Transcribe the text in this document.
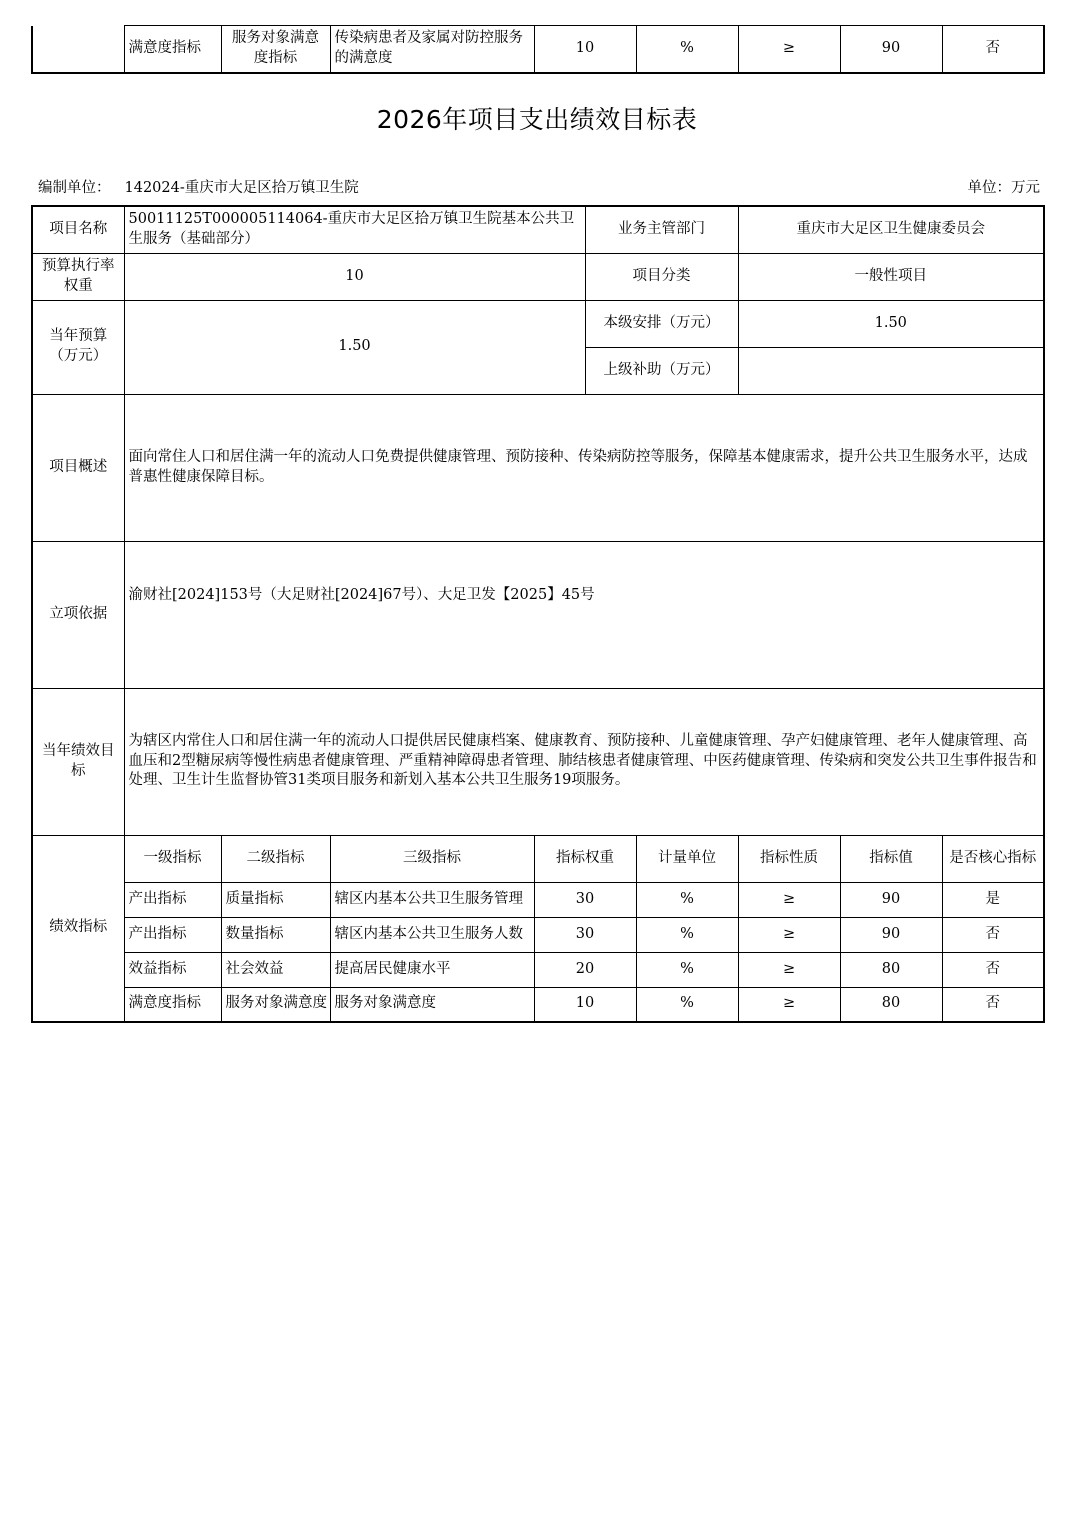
	满意度指标	服务对象满意度指标	传染病患者及家属对防控服务的满意度	10	%	≥	90	否
2026年项目支出绩效目标表
编制单位： 142024-重庆市大足区拾万镇卫生院	单位：万元
项目名称	50011125T000005114064-重庆市大足区拾万镇卫生院基本公共卫生服务（基础部分）				业务主管部门		重庆市大足区卫生健康委员会		
预算执行率权重	10				项目分类		一般性项目		
当年预算（万元）	1.50				本级安排（万元）		1.50		
					上级补助（万元）				
项目概述	面向常住人口和居住满一年的流动人口免费提供健康管理、预防接种、传染病防控等服务，保障基本健康需求，提升公共卫生服务水平，达成普惠性健康保障目标。								
立项依据	渝财社[2024]153号（大足财社[2024]67号）、大足卫发【2025】45号								
当年绩效目标	为辖区内常住人口和居住满一年的流动人口提供居民健康档案、健康教育、预防接种、儿童健康管理、孕产妇健康管理、老年人健康管理、高血压和2型糖尿病等慢性病患者健康管理、严重精神障碍患者管理、肺结核患者健康管理、中医药健康管理、传染病和突发公共卫生事件报告和处理、卫生计生监督协管31类项目服务和新划入基本公共卫生服务19项服务。								
绩效指标	一级指标	二级指标	三级指标	指标权重		计量单位	指标性质	指标值	是否核心指标
	产出指标	质量指标	辖区内基本公共卫生服务管理	30		%	≥	90	是
	产出指标	数量指标	辖区内基本公共卫生服务人数	30		%	≥	90	否
	效益指标	社会效益	提高居民健康水平	20		%	≥	80	否
	满意度指标	服务对象满意度	服务对象满意度	10		%	≥	80	否
